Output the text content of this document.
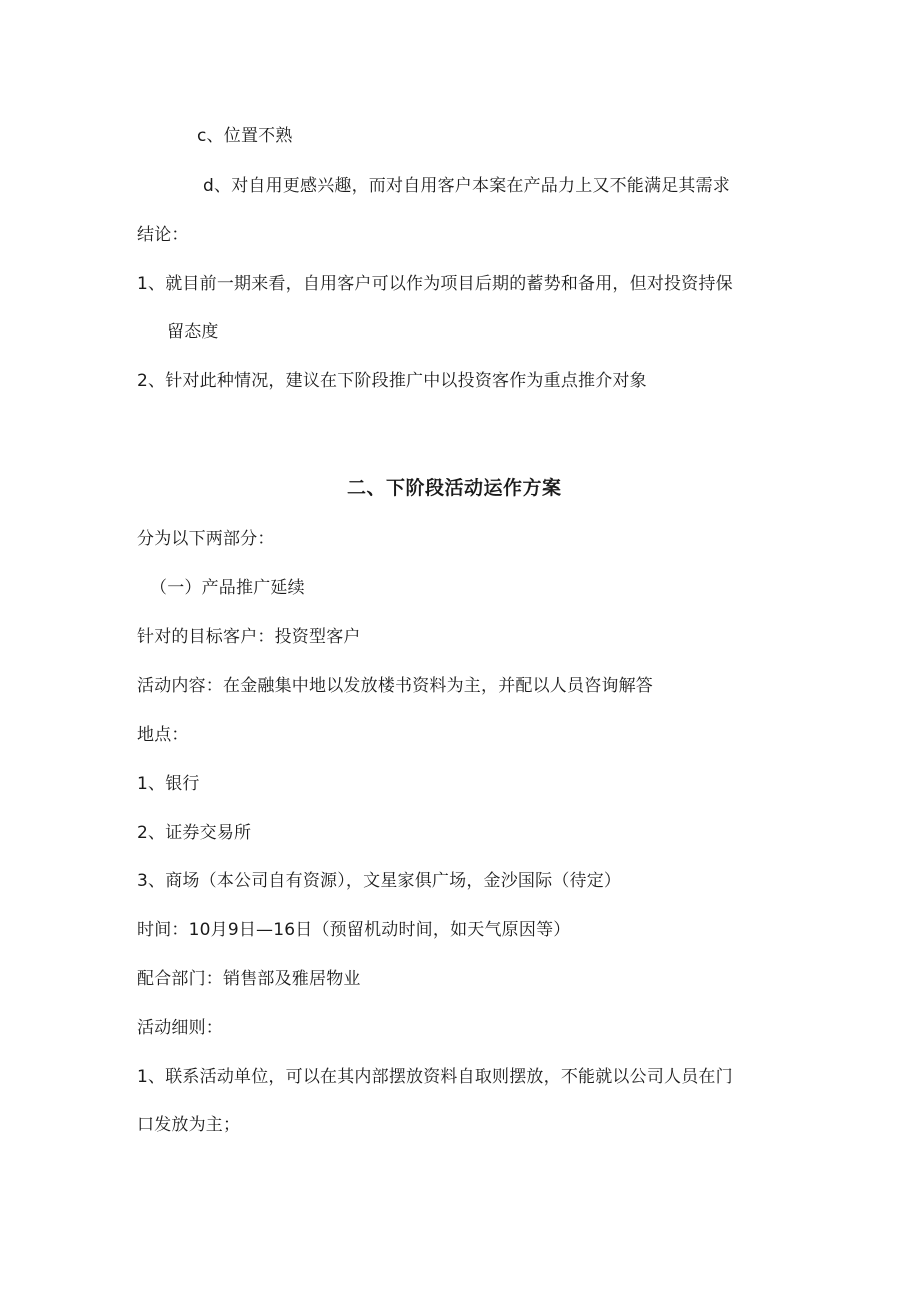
c、位置不熟
d、对自用更感兴趣，而对自用客户本案在产品力上又不能满足其需求
结论：
1、就目前一期来看，自用客户可以作为项目后期的蓄势和备用，但对投资持保
留态度
2、针对此种情况，建议在下阶段推广中以投资客作为重点推介对象
二、下阶段活动运作方案
分为以下两部分：
（一）产品推广延续
针对的目标客户：投资型客户
活动内容：在金融集中地以发放楼书资料为主，并配以人员咨询解答
地点：
1、银行
2、证券交易所
3、商场（本公司自有资源），文星家俱广场，金沙国际（待定）
时间：10月9日—16日（预留机动时间，如天气原因等）
配合部门：销售部及雅居物业
活动细则：
1、联系活动单位，可以在其内部摆放资料自取则摆放，不能就以公司人员在门
口发放为主；
